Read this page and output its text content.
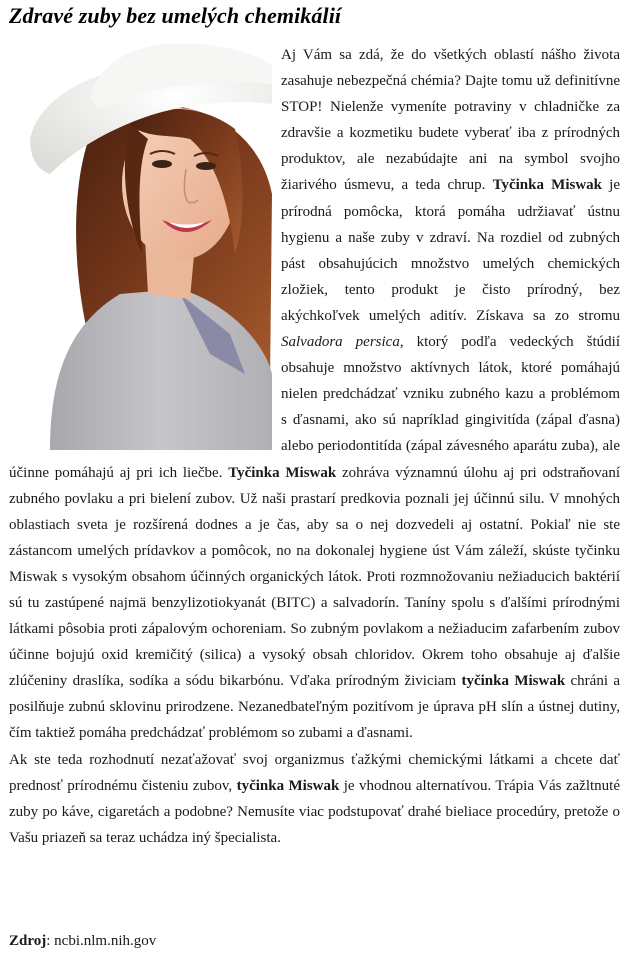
Zdravé zuby bez umelých chemikálií

Aj Vám sa zdá, že do všetkých oblastí nášho života zasahuje nebezpečná chémia? Dajte tomu už definitívne STOP! Nielenže vymeníte potraviny v chladničke za zdravšie a kozmetiku budete vyberať iba z prírodných produktov, ale nezabúdajte ani na symbol svojho žiarivého úsmevu, a teda chrup. Tyčinka Miswak je prírodná pomôcka, ktorá pomáha udržiavať ústnu hygienu a naše zuby v zdraví. Na rozdiel od zubných pást obsahujúcich množstvo umelých chemických zložiek, tento produkt je čisto prírodný, bez akýchkoľvek umelých aditív. Získava sa zo stromu Salvadora persica, ktorý podľa vedeckých štúdií obsahuje množstvo aktívnych látok, ktoré pomáhajú nielen predchádzať vzniku zubného kazu a problémom s ďasnami, ako sú napríklad gingivitída (zápal ďasna) alebo periodontitída (zápal závesného aparátu zuba), ale účinne pomáhajú aj pri ich liečbe. Tyčinka Miswak zohráva významnú úlohu aj pri odstraňovaní zubného povlaku a pri bielení zubov. Už naši prastarí predkovia poznali jej účinnú silu. V mnohých oblastiach sveta je rozšírená dodnes a je čas, aby sa o nej dozvedeli aj ostatní. Pokiaľ nie ste zástancom umelých prídavkov a pomôcok, no na dokonalej hygiene úst Vám záleží, skúste tyčinku Miswak s vysokým obsahom účinných organických látok. Proti rozmnožovaniu nežiaducich baktérií sú tu zastúpené najmä benzylizotiokyanát (BITC) a salvadorín. Taníny spolu s ďalšími prírodnými látkami pôsobia proti zápalovým ochoreniam. So zubným povlakom a nežiaducim zafarbením zubov účinne bojujú oxid kremičitý (silica) a vysoký obsah chloridov. Okrem toho obsahuje aj ďalšie zlúčeniny draslíka, sodíka a sódu bikarbónu. Vďaka prírodným živiciam tyčinka Miswak chráni a posilňuje zubnú sklovinu prirodzene. Nezanedbateľným pozitívom je úprava pH slín a ústnej dutiny, čím taktiež pomáha predchádzať problémom so zubami a ďasnami.

Ak ste teda rozhodnutí nezaťažovať svoj organizmus ťažkými chemickými látkami a chcete dať prednosť prírodnému čisteniu zubov, tyčinka Miswak je vhodnou alternatívou. Trápia Vás zažltnuté zuby po káve, cigaretách a podobne? Nemusíte viac podstupovať drahé bieliace procedúry, pretože o Vašu priazeň sa teraz uchádza iný špecialista.

Zdroj: ncbi.nlm.nih.gov
